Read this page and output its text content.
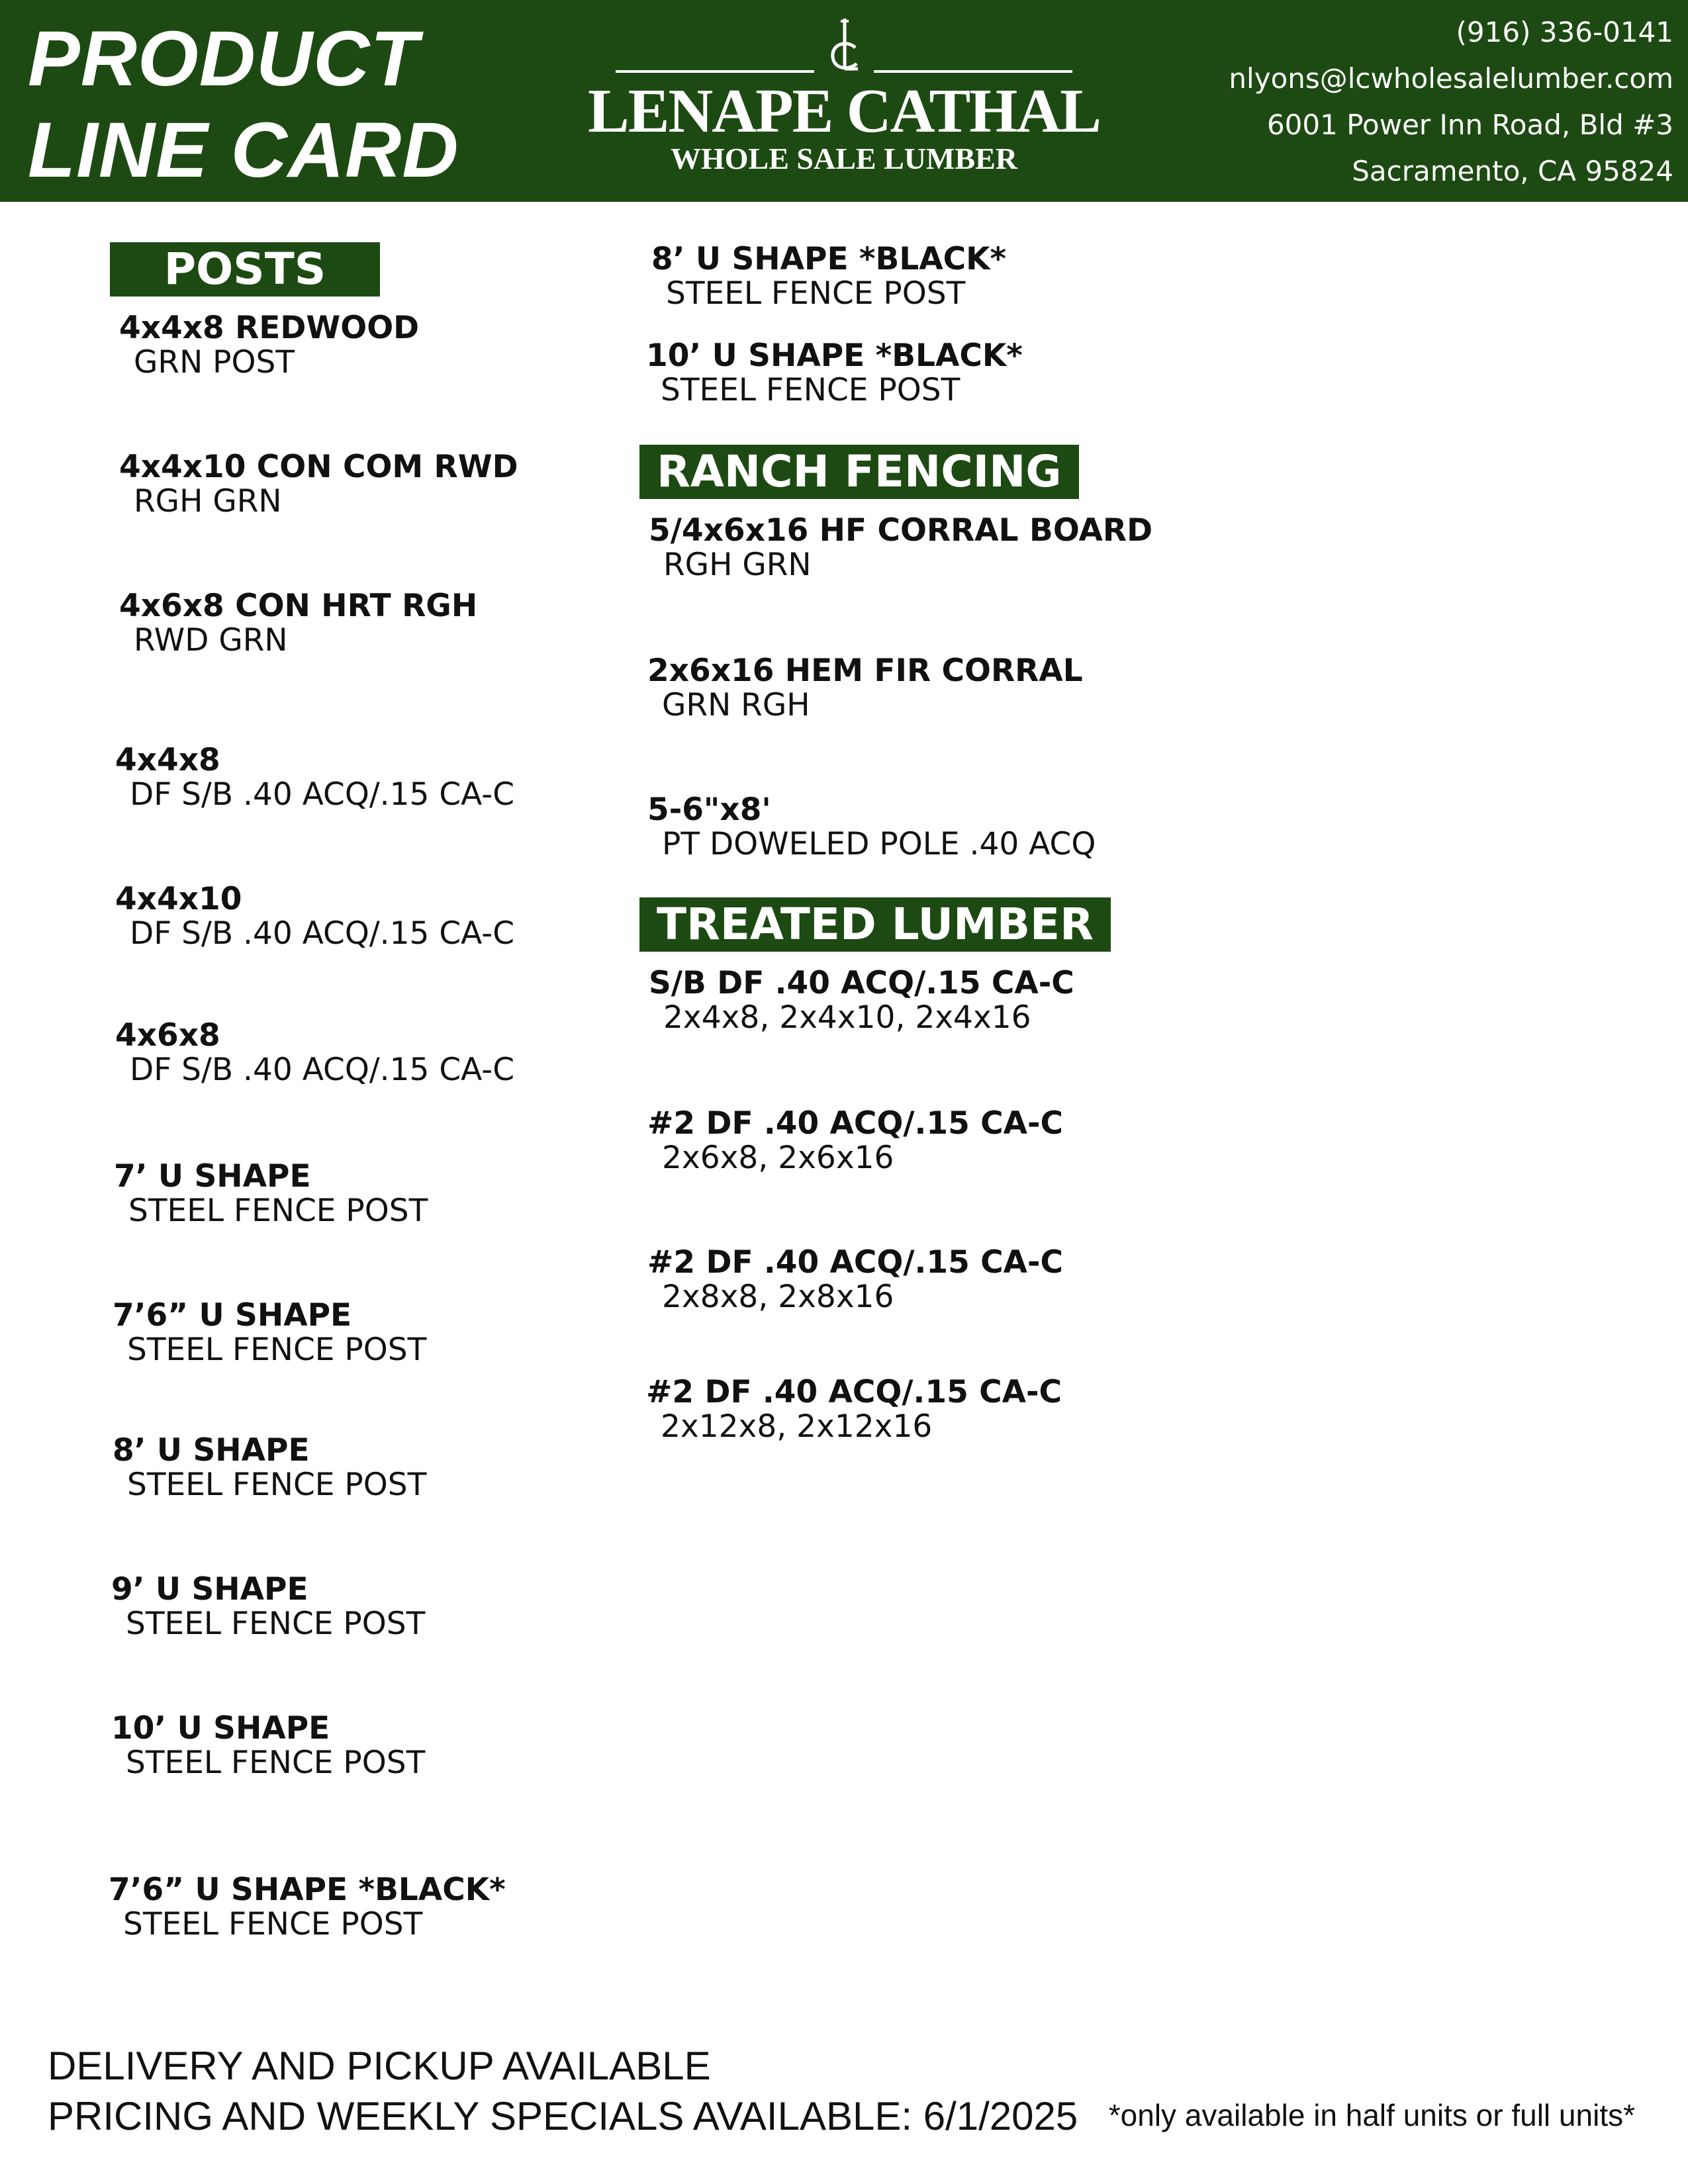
PRODUCT
LINE CARD LENAPE CATHAL
WHOLE SALE LUMBER
(916) 336-0141
nlyons@lcwholesalelumber.com
6001 Power Inn Road, Bld #3
Sacramento, CA 95824
POSTS
RANCH FENCING
TREATED LUMBER
4x4x8 REDWOOD
GRN POST
4x4x10 CON COM RWD
RGH GRN
4x6x8 CON HRT RGH
RWD GRN
4x4x8
DF S/B .40 ACQ/.15 CA-C
4x4x10
DF S/B .40 ACQ/.15 CA-C
4x6x8
DF S/B .40 ACQ/.15 CA-C
7’ U SHAPE
STEEL FENCE POST
7’6” U SHAPE
STEEL FENCE POST
8’ U SHAPE
STEEL FENCE POST
9’ U SHAPE
STEEL FENCE POST
10’ U SHAPE
STEEL FENCE POST
7’6” U SHAPE *BLACK*
STEEL FENCE POST
8’ U SHAPE *BLACK*
STEEL FENCE POST
10’ U SHAPE *BLACK*
STEEL FENCE POST
5/4x6x16 HF CORRAL BOARD
RGH GRN
2x6x16 HEM FIR CORRAL
GRN RGH
5-6"x8'
PT DOWELED POLE .40 ACQ
S/B DF .40 ACQ/.15 CA-C
2x4x8, 2x4x10, 2x4x16
#2 DF .40 ACQ/.15 CA-C
2x6x8, 2x6x16
#2 DF .40 ACQ/.15 CA-C
2x8x8, 2x8x16
#2 DF .40 ACQ/.15 CA-C
2x12x8, 2x12x16
DELIVERY AND PICKUP AVAILABLE
PRICING AND WEEKLY SPECIALS AVAILABLE: 6/1/2025 *only available in half units or full units*
